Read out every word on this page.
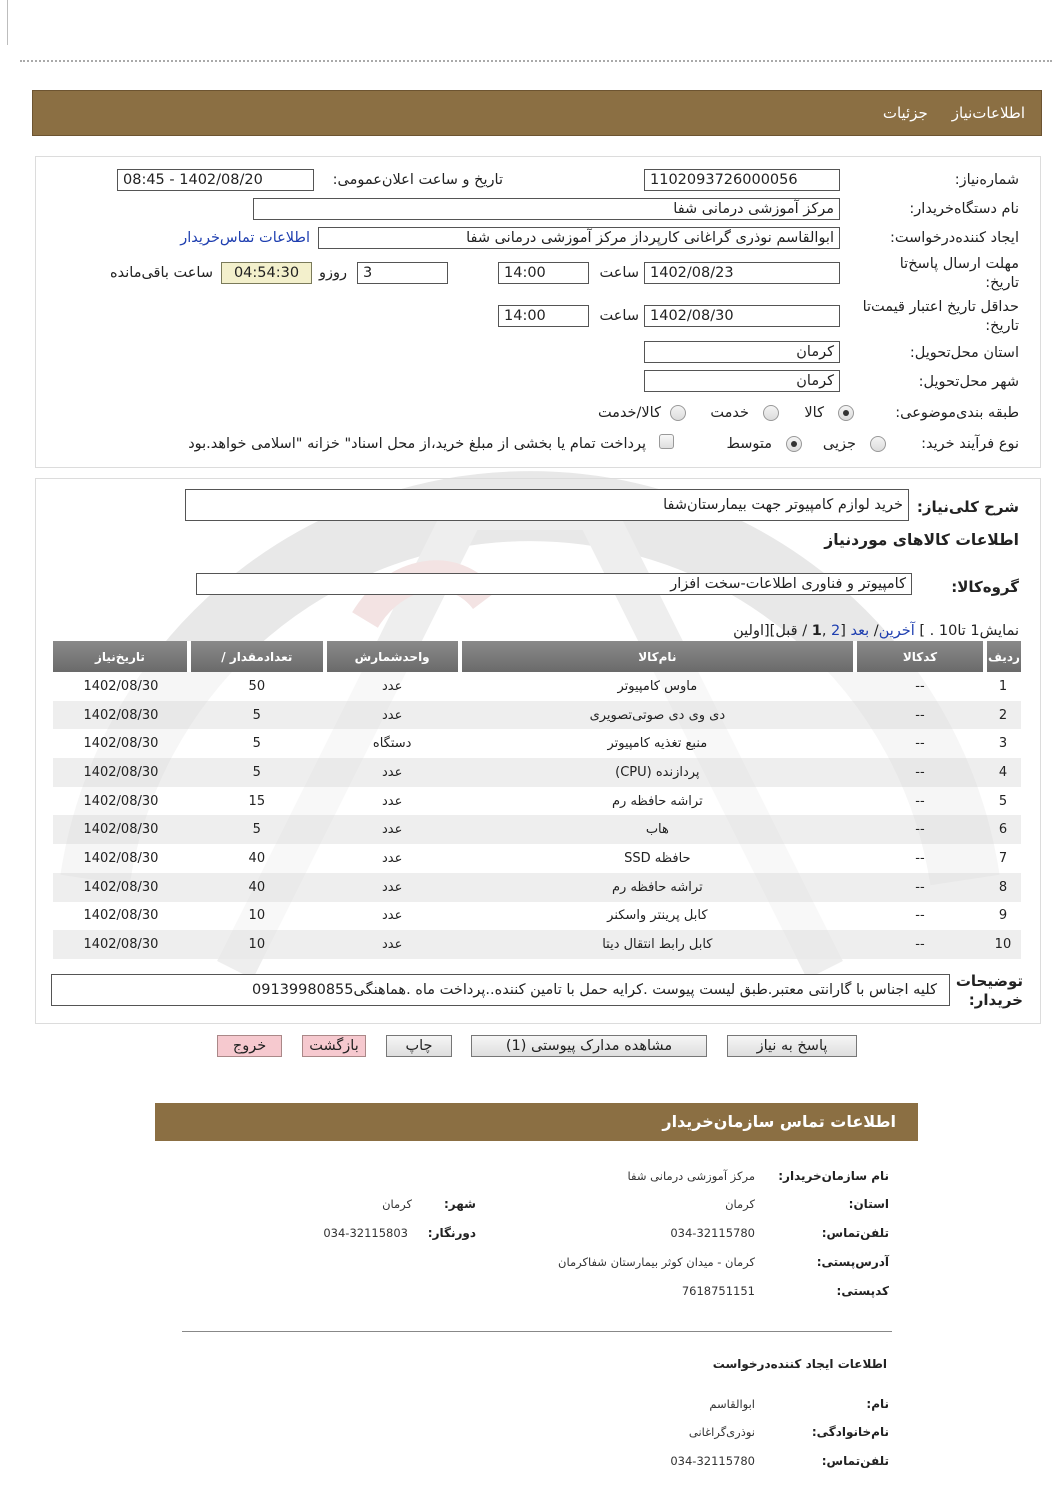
اطلاعات‌نیاز
جزئیات
شماره‌نیاز:
1102093726000056
تاریخ و ساعت اعلان‌عمومی:
1402/08/20 - 08:45
نام دستگاه‌خریدار:
مرکز آموزشی درمانی شفا
ایجاد کننده‌درخواست:
ابوالقاسم نوذری گراغانی کارپرداز مرکز آموزشی درمانی شفا
اطلاعات تماس‌خریدار
مهلت ارسال پاسخ‌تا
تاریخ:
1402/08/23
ساعت
14:00
3
روزو
04:54:30
ساعت باقی‌مانده
حداقل تاریخ اعتبار قیمت‌تا
تاریخ:
1402/08/30
ساعت
14:00
استان محل‌تحویل:
کرمان
شهر محل‌تحویل:
کرمان
طبقه بندی‌موضوعی:
کالا
خدمت
کالا/خدمت
نوع فرآیند خرید:
جزیی
متوسط
پرداخت تمام یا بخشی از مبلغ خرید،از محل اسناد" خزانه "اسلامی خواهد.بود
شرح کلی‌نیاز:
خرید لوازم کامپیوتر جهت بیمارستان‌شفا
اطلاعات کالاهای موردنیاز
گروه‌کالا:
کامپیوتر و فناوری اطلاعات-سخت افزار
نمایش1 تا10 . ] آخرین/ بعد [2 ,1 / قبل][اولین
ردیف	کدکالا	نام‌کالا	واحدشمارش	تعدادمقدار /	تاریخ‌نیاز
1	--	ماوس کامپیوتر	عدد	50	1402/08/30
2	--	دی وی دی صوتی‌تصویری	عدد	5	1402/08/30
3	--	منبع تغذیه کامپیوتر	دستگاه	5	1402/08/30
4	--	پردازنده (CPU)	عدد	5	1402/08/30
5	--	تراشه حافظه رم	عدد	15	1402/08/30
6	--	هاب	عدد	5	1402/08/30
7	--	حافظه SSD	عدد	40	1402/08/30
8	--	تراشه حافظه رم	عدد	40	1402/08/30
9	--	کابل پرینتر واسکنر	عدد	10	1402/08/30
10	--	کابل رابط انتقال دیتا	عدد	10	1402/08/30
توضیحات
خریدار:
کلیه اجناس با گارانتی معتبر.طبق لیست پیوست .کرایه حمل با تامین کننده..پرداخت ماه .هماهنگی09139980855
پاسخ به نیاز
مشاهده مدارک پیوستی (1)
چاپ
بازگشت
خروج
اطلاعات تماس سازمان‌خریدار
نام سازمان‌خریدار:
مرکز آموزشی درمانی شفا
استان:
کرمان
شهر:
کرمان
تلفن‌تماس:
034-32115780
دورنگار:
034-32115803
آدرس‌پستی:
کرمان - میدان کوثر بیمارستان شفاکرمان
کد‌پستی:
7618751151
اطلاعات ایجاد کننده‌درخواست
نام:
ابوالقاسم
نام‌خانوادگی:
نوذری‌گراغانی
تلفن‌تماس:
034-32115780
